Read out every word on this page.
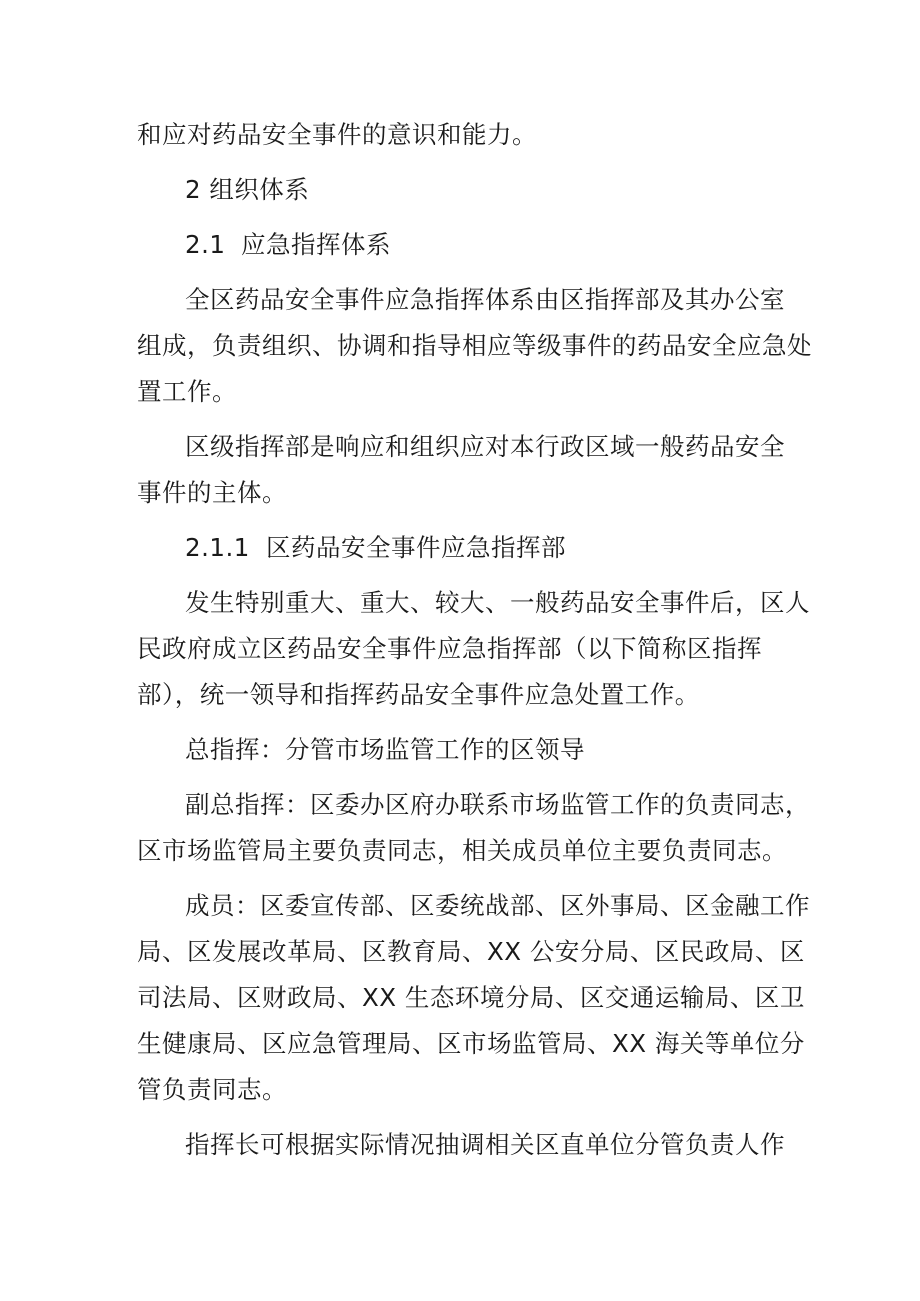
和应对药品安全事件的意识和能力。
2 组织体系
2.1 应急指挥体系
全区药品安全事件应急指挥体系由区指挥部及其办公室
组成，负责组织、协调和指导相应等级事件的药品安全应急处
置工作。
区级指挥部是响应和组织应对本行政区域一般药品安全
事件的主体。
2.1.1 区药品安全事件应急指挥部
发生特别重大、重大、较大、一般药品安全事件后，区人
民政府成立区药品安全事件应急指挥部（以下简称区指挥
部），统一领导和指挥药品安全事件应急处置工作。
总指挥：分管市场监管工作的区领导
副总指挥：区委办区府办联系市场监管工作的负责同志，
区市场监管局主要负责同志，相关成员单位主要负责同志。
成员：区委宣传部、区委统战部、区外事局、区金融工作
局、区发展改革局、区教育局、XX 公安分局、区民政局、区
司法局、区财政局、XX 生态环境分局、区交通运输局、区卫
生健康局、区应急管理局、区市场监管局、XX 海关等单位分
管负责同志。
指挥长可根据实际情况抽调相关区直单位分管负责人作
